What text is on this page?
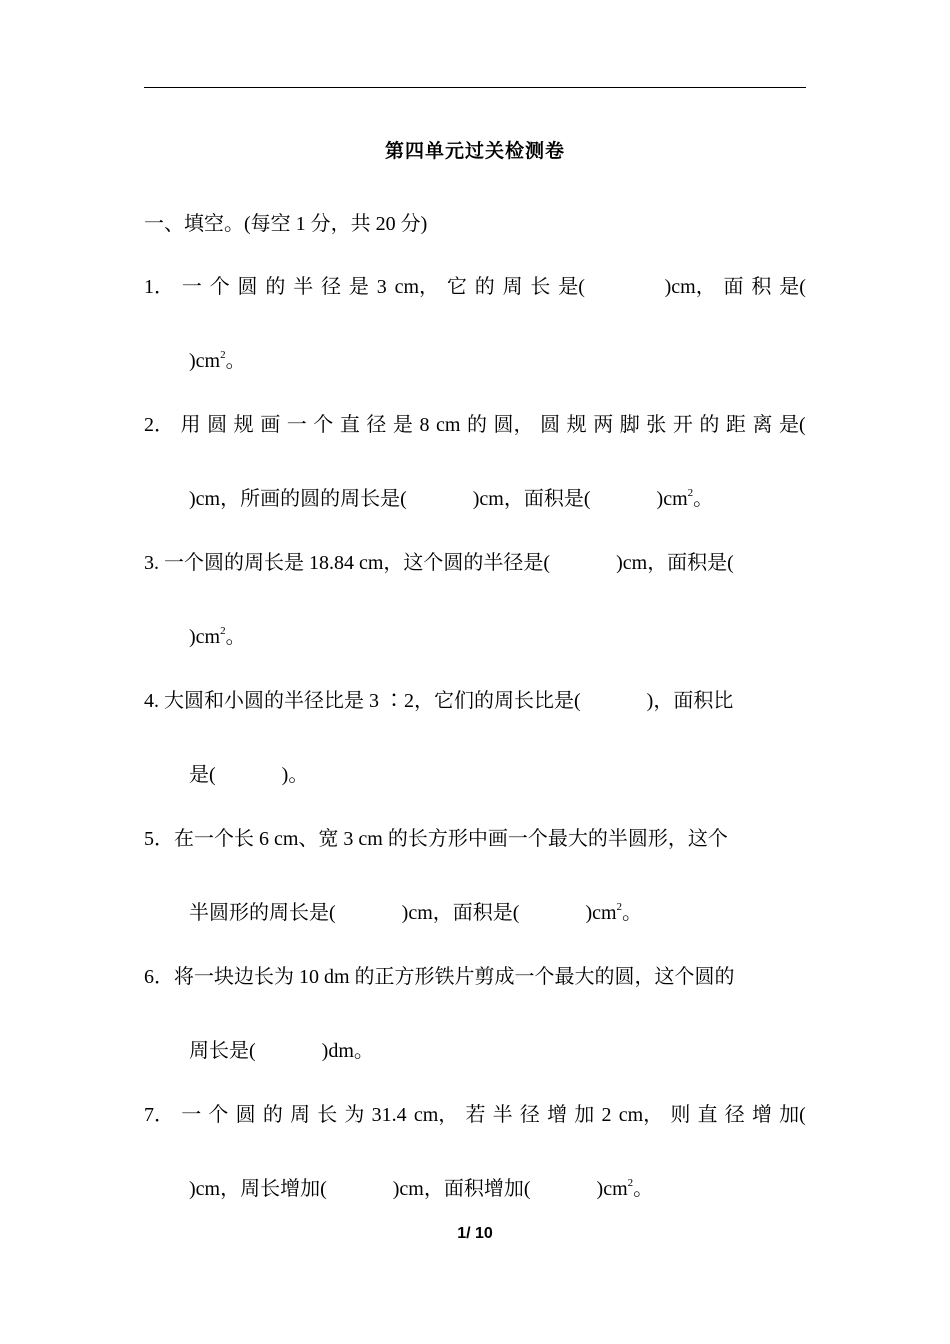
第四单元过关检测卷
一、填空。(每空 1 分，共 20 分)
1． 一 个 圆 的 半 径 是 3 cm， 它 的 周 长 是(	)cm， 面 积 是(
)$cm^2$。
2． 用 圆 规 画 一 个 直 径 是 8 cm 的 圆， 圆 规 两 脚 张 开 的 距 离 是(
)cm，所画的圆的周长是(	)cm，面积是(	)$cm^2$。
3. 一个圆的周长是 18.84 cm，这个圆的半径是(	)cm，面积是(
)$cm^2$。
4. 大圆和小圆的半径比是 3 ∶2，它们的周长比是(	)，面积比
是(	)。
5．在一个长 6 cm、宽 3 cm 的长方形中画一个最大的半圆形，这个
半圆形的周长是(	)cm，面积是(	)$cm^2$。
6．将一块边长为 10 dm 的正方形铁片剪成一个最大的圆，这个圆的
周长是(	)dm。
7． 一 个 圆 的 周 长 为 31.4 cm， 若 半 径 增 加 2 cm， 则 直 径 增 加(
)cm，周长增加(	)cm，面积增加(	)$cm^2$。
1/ 10
